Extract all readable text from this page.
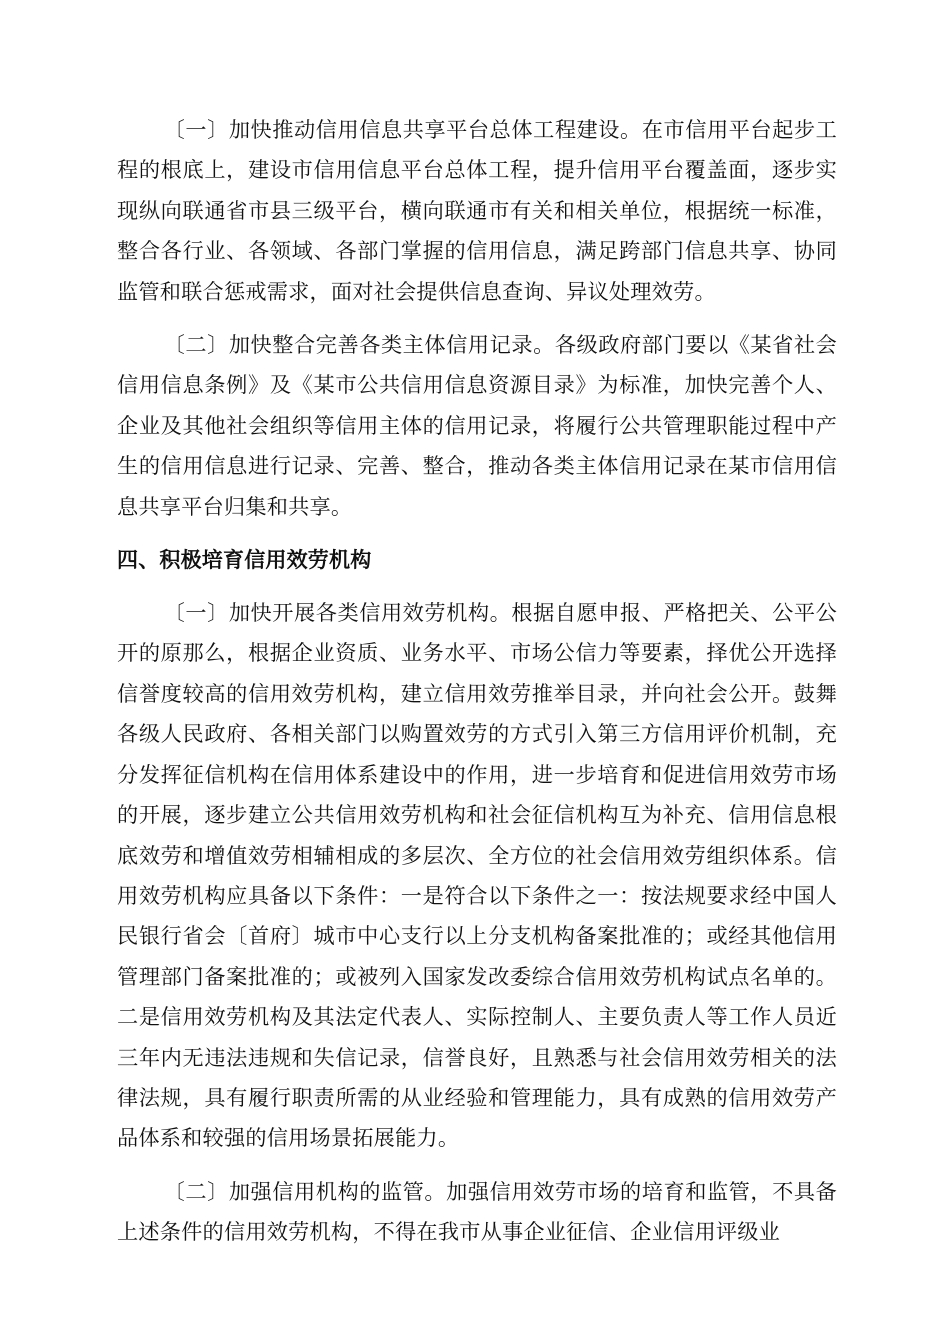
〔一〕加快推动信用信息共享平台总体工程建设。在市信用平台起步工程的根底上，建设市信用信息平台总体工程，提升信用平台覆盖面，逐步实现纵向联通省市县三级平台，横向联通市有关和相关单位，根据统一标准，整合各行业、各领域、各部门掌握的信用信息，满足跨部门信息共享、协同监管和联合惩戒需求，面对社会提供信息查询、异议处理效劳。

〔二〕加快整合完善各类主体信用记录。各级政府部门要以《某省社会信用信息条例》及《某市公共信用信息资源目录》为标准，加快完善个人、企业及其他社会组织等信用主体的信用记录，将履行公共管理职能过程中产生的信用信息进行记录、完善、整合，推动各类主体信用记录在某市信用信息共享平台归集和共享。

四、积极培育信用效劳机构

〔一〕加快开展各类信用效劳机构。根据自愿申报、严格把关、公平公开的原那么，根据企业资质、业务水平、市场公信力等要素，择优公开选择信誉度较高的信用效劳机构，建立信用效劳推举目录，并向社会公开。鼓舞各级人民政府、各相关部门以购置效劳的方式引入第三方信用评价机制，充分发挥征信机构在信用体系建设中的作用，进一步培育和促进信用效劳市场的开展，逐步建立公共信用效劳机构和社会征信机构互为补充、信用信息根底效劳和增值效劳相辅相成的多层次、全方位的社会信用效劳组织体系。信用效劳机构应具备以下条件：一是符合以下条件之一：按法规要求经中国人民银行省会〔首府〕城市中心支行以上分支机构备案批准的；或经其他信用管理部门备案批准的；或被列入国家发改委综合信用效劳机构试点名单的。二是信用效劳机构及其法定代表人、实际控制人、主要负责人等工作人员近三年内无违法违规和失信记录，信誉良好，且熟悉与社会信用效劳相关的法律法规，具有履行职责所需的从业经验和管理能力，具有成熟的信用效劳产品体系和较强的信用场景拓展能力。

〔二〕加强信用机构的监管。加强信用效劳市场的培育和监管，不具备上述条件的信用效劳机构，不得在我市从事企业征信、企业信用评级业
